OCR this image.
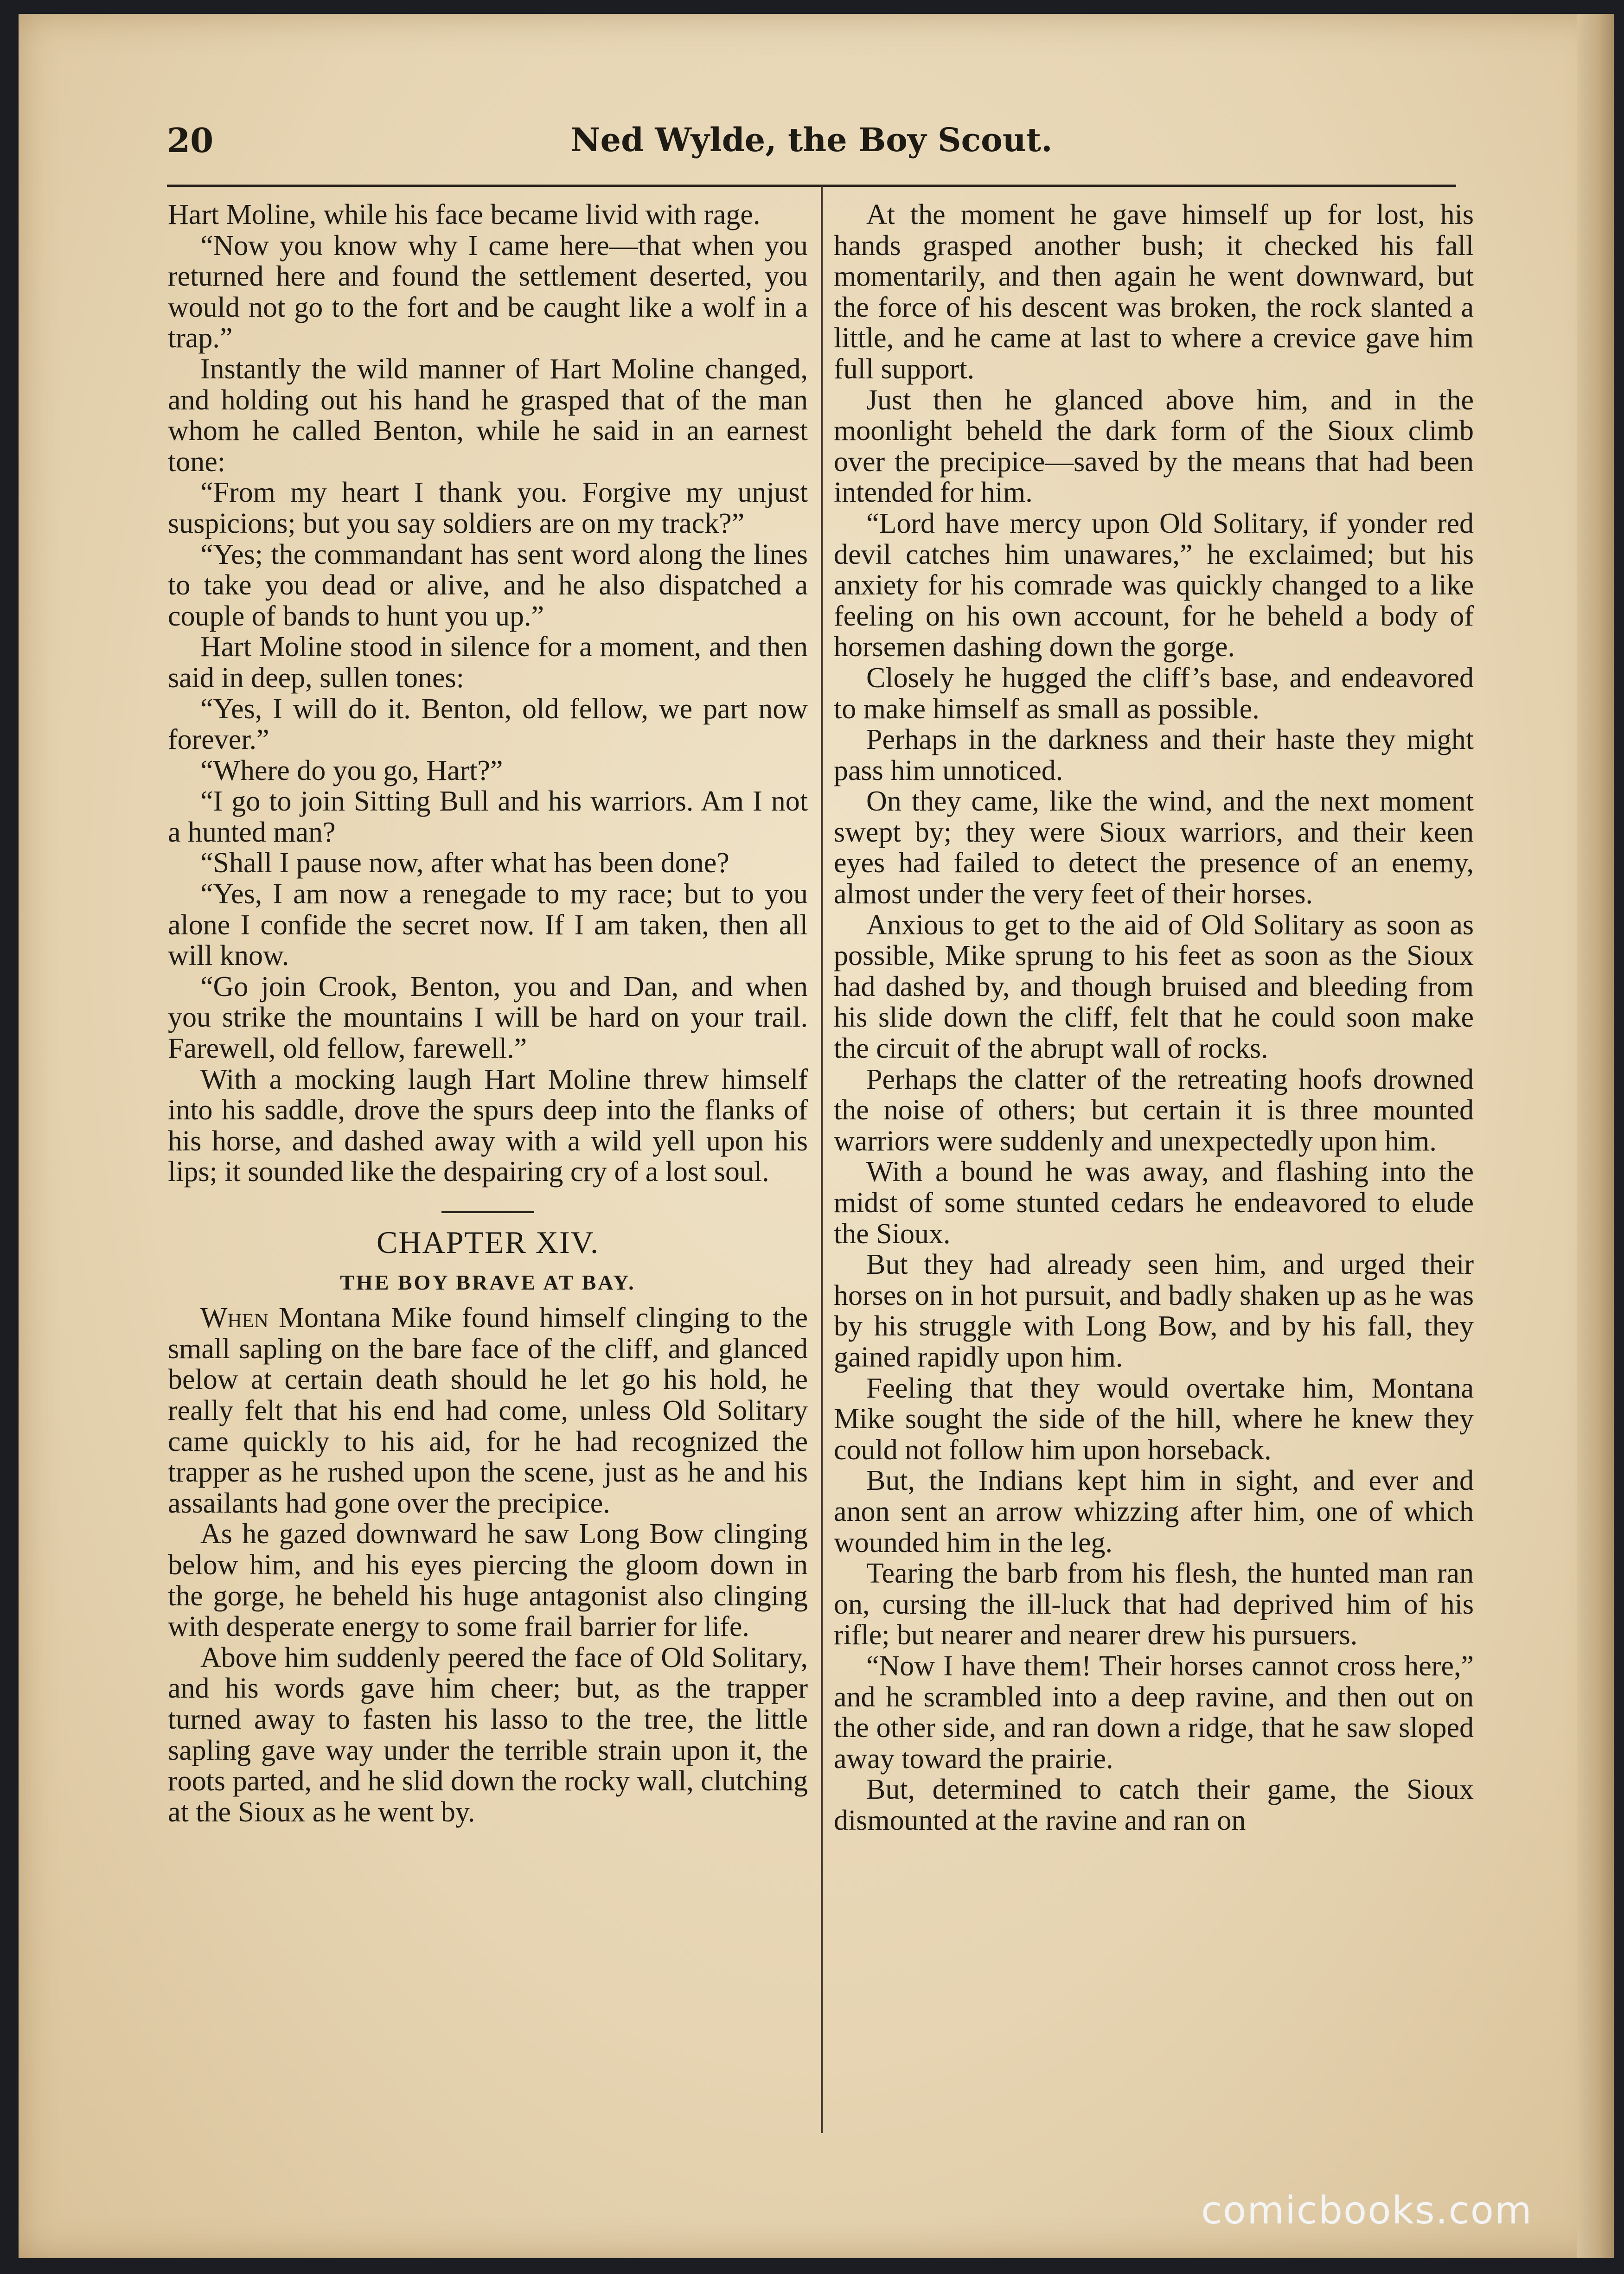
20	Ned Wylde, the Boy Scout.

Hart Moline, while his face became livid with rage.

“Now you know why I came here—that when you returned here and found the settlement deserted, you would not go to the fort and be caught like a wolf in a trap.”

Instantly the wild manner of Hart Moline changed, and holding out his hand he grasped that of the man whom he called Benton, while he said in an earnest tone:

“From my heart I thank you. Forgive my unjust suspicions; but you say soldiers are on my track?”

“Yes; the commandant has sent word along the lines to take you dead or alive, and he also dispatched a couple of bands to hunt you up.”

Hart Moline stood in silence for a moment, and then said in deep, sullen tones:

“Yes, I will do it. Benton, old fellow, we part now forever.”

“Where do you go, Hart?”

“I go to join Sitting Bull and his warriors. Am I not a hunted man?

“Shall I pause now, after what has been done?

“Yes, I am now a renegade to my race; but to you alone I confide the secret now. If I am taken, then all will know.

“Go join Crook, Benton, you and Dan, and when you strike the mountains I will be hard on your trail. Farewell, old fellow, farewell.”

With a mocking laugh Hart Moline threw himself into his saddle, drove the spurs deep into the flanks of his horse, and dashed away with a wild yell upon his lips; it sounded like the despairing cry of a lost soul.

CHAPTER XIV.
THE BOY BRAVE AT BAY.

When Montana Mike found himself clinging to the small sapling on the bare face of the cliff, and glanced below at certain death should he let go his hold, he really felt that his end had come, unless Old Solitary came quickly to his aid, for he had recognized the trapper as he rushed upon the scene, just as he and his assailants had gone over the precipice.

As he gazed downward he saw Long Bow clinging below him, and his eyes piercing the gloom down in the gorge, he beheld his huge antagonist also clinging with desperate energy to some frail barrier for life.

Above him suddenly peered the face of Old Solitary, and his words gave him cheer; but, as the trapper turned away to fasten his lasso to the tree, the little sapling gave way under the terrible strain upon it, the roots parted, and he slid down the rocky wall, clutching at the Sioux as he went by.

At the moment he gave himself up for lost, his hands grasped another bush; it checked his fall momentarily, and then again he went downward, but the force of his descent was broken, the rock slanted a little, and he came at last to where a crevice gave him full support.

Just then he glanced above him, and in the moonlight beheld the dark form of the Sioux climb over the precipice—saved by the means that had been intended for him.

“Lord have mercy upon Old Solitary, if yonder red devil catches him unawares,” he exclaimed; but his anxiety for his comrade was quickly changed to a like feeling on his own account, for he beheld a body of horsemen dashing down the gorge.

Closely he hugged the cliff’s base, and endeavored to make himself as small as possible.

Perhaps in the darkness and their haste they might pass him unnoticed.

On they came, like the wind, and the next moment swept by; they were Sioux warriors, and their keen eyes had failed to detect the presence of an enemy, almost under the very feet of their horses.

Anxious to get to the aid of Old Solitary as soon as possible, Mike sprung to his feet as soon as the Sioux had dashed by, and though bruised and bleeding from his slide down the cliff, felt that he could soon make the circuit of the abrupt wall of rocks.

Perhaps the clatter of the retreating hoofs drowned the noise of others; but certain it is three mounted warriors were suddenly and unexpectedly upon him.

With a bound he was away, and flashing into the midst of some stunted cedars he endeavored to elude the Sioux.

But they had already seen him, and urged their horses on in hot pursuit, and badly shaken up as he was by his struggle with Long Bow, and by his fall, they gained rapidly upon him.

Feeling that they would overtake him, Montana Mike sought the side of the hill, where he knew they could not follow him upon horseback.

But, the Indians kept him in sight, and ever and anon sent an arrow whizzing after him, one of which wounded him in the leg.

Tearing the barb from his flesh, the hunted man ran on, cursing the ill-luck that had deprived him of his rifle; but nearer and nearer drew his pursuers.

“Now I have them! Their horses cannot cross here,” and he scrambled into a deep ravine, and then out on the other side, and ran down a ridge, that he saw sloped away toward the prairie.

But, determined to catch their game, the Sioux dismounted at the ravine and ran on

comicbooks.com
